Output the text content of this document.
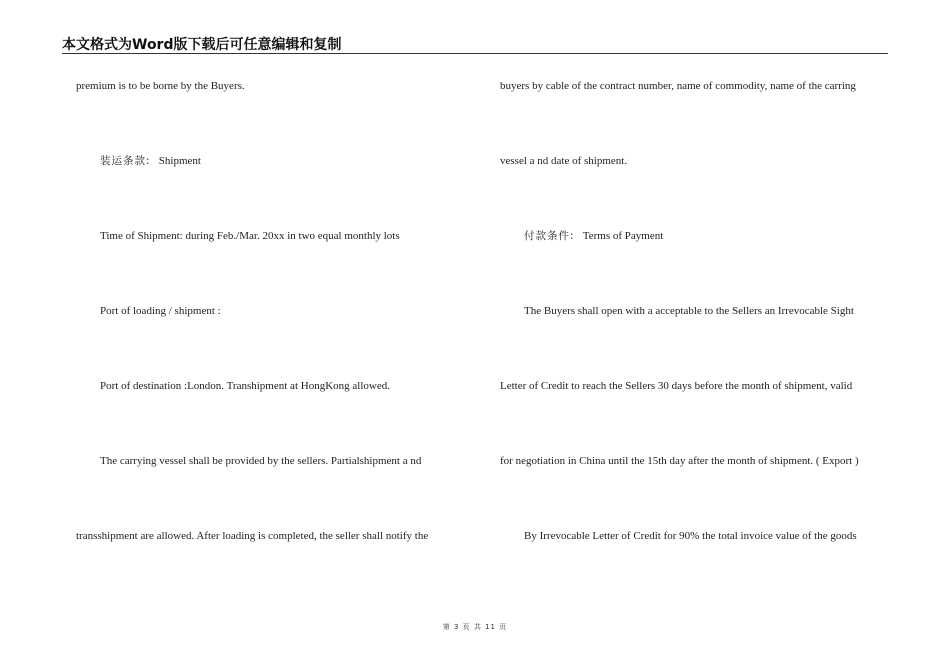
本文格式为Word版下载后可任意编辑和复制
premium is to be borne by the Buyers.
装运条款: Shipment
Time of Shipment: during Feb./Mar. 20xx in two equal monthly lots
Port of loading / shipment :
Port of destination :London. Transhipment at HongKong allowed.
The carrying vessel shall be provided by the sellers. Partialshipment a nd
transshipment are allowed. After loading is completed, the seller shall notify the
buyers by cable of the contract number, name of commodity, name of the carring
vessel a nd date of shipment.
付款条件: Terms of Payment
The Buyers shall open with a acceptable to the Sellers an Irrevocable Sight
Letter of Credit to reach the Sellers 30 days before the month of shipment, valid
for negotiation in China until the 15th day after the month of shipment. ( Export )
By Irrevocable Letter of Credit for 90% the total invoice value of the goods
第 3 页 共 11 页
